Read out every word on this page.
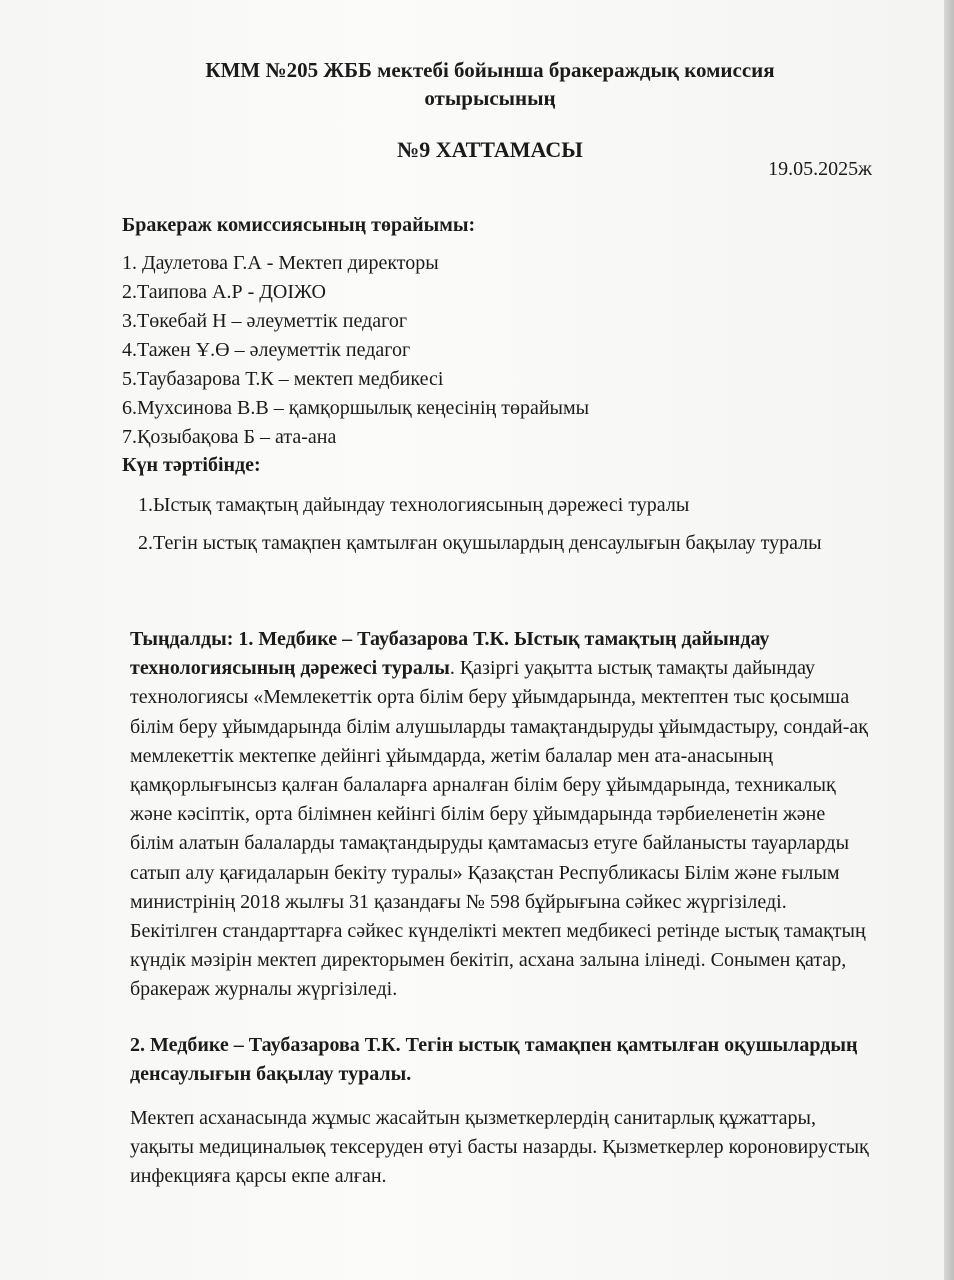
КММ №205 ЖББ мектебі бойынша бракераждық комиссия
отырысының
№9 ХАТТАМАСЫ
19.05.2025ж
Бракераж комиссиясының төрайымы:
1. Даулетова Г.А - Мектеп директоры
2.Таипова А.Р - ДОІЖО
3.Төкебай Н – әлеуметтік педагог
4.Тажен Ұ.Ө – әлеуметтік педагог
5.Таубазарова Т.К – мектеп медбикесі
6.Мухсинова В.В – қамқоршылық кеңесінің төрайымы
7.Қозыбақова Б – ата-ана
Күн тәртібінде:
1.Ыстық тамақтың дайындау технологиясының дәрежесі туралы
2.Тегін ыстық тамақпен қамтылған оқушылардың денсаулығын бақылау туралы
Тыңдалды: 1. Медбике – Таубазарова Т.К. Ыстық тамақтың дайындау технологиясының дәрежесі туралы. Қазіргі уақытта ыстық тамақты дайындау технологиясы «Мемлекеттік орта білім беру ұйымдарында, мектептен тыс қосымша білім беру ұйымдарында білім алушыларды тамақтандыруды ұйымдастыру, сондай-ақ мемлекеттік мектепке дейінгі ұйымдарда, жетім балалар мен ата-анасының қамқорлығынсыз қалған балаларға арналған білім беру ұйымдарында, техникалық және кәсіптік, орта білімнен кейінгі білім беру ұйымдарында тәрбиеленетін және білім алатын балаларды тамақтандыруды қамтамасыз етуге байланысты тауарларды сатып алу қағидаларын бекіту туралы» Қазақстан Республикасы Білім және ғылым министрінің 2018 жылғы 31 қазандағы № 598 бұйрығына сәйкес жүргізіледі. Бекітілген стандарттарға сәйкес күнделікті мектеп медбикесі ретінде ыстық тамақтың күндік мәзірін мектеп директорымен бекітіп, асхана залына ілінеді. Сонымен қатар, бракераж журналы жүргізіледі.
2. Медбике – Таубазарова Т.К. Тегін ыстық тамақпен қамтылған оқушылардың денсаулығын бақылау туралы.
Мектеп асханасында жұмыс жасайтын қызметкерлердің санитарлық құжаттары, уақыты медициналыөқ тексеруден өтуі басты назарды. Қызметкерлер короновирустық инфекцияға қарсы екпе алған.
